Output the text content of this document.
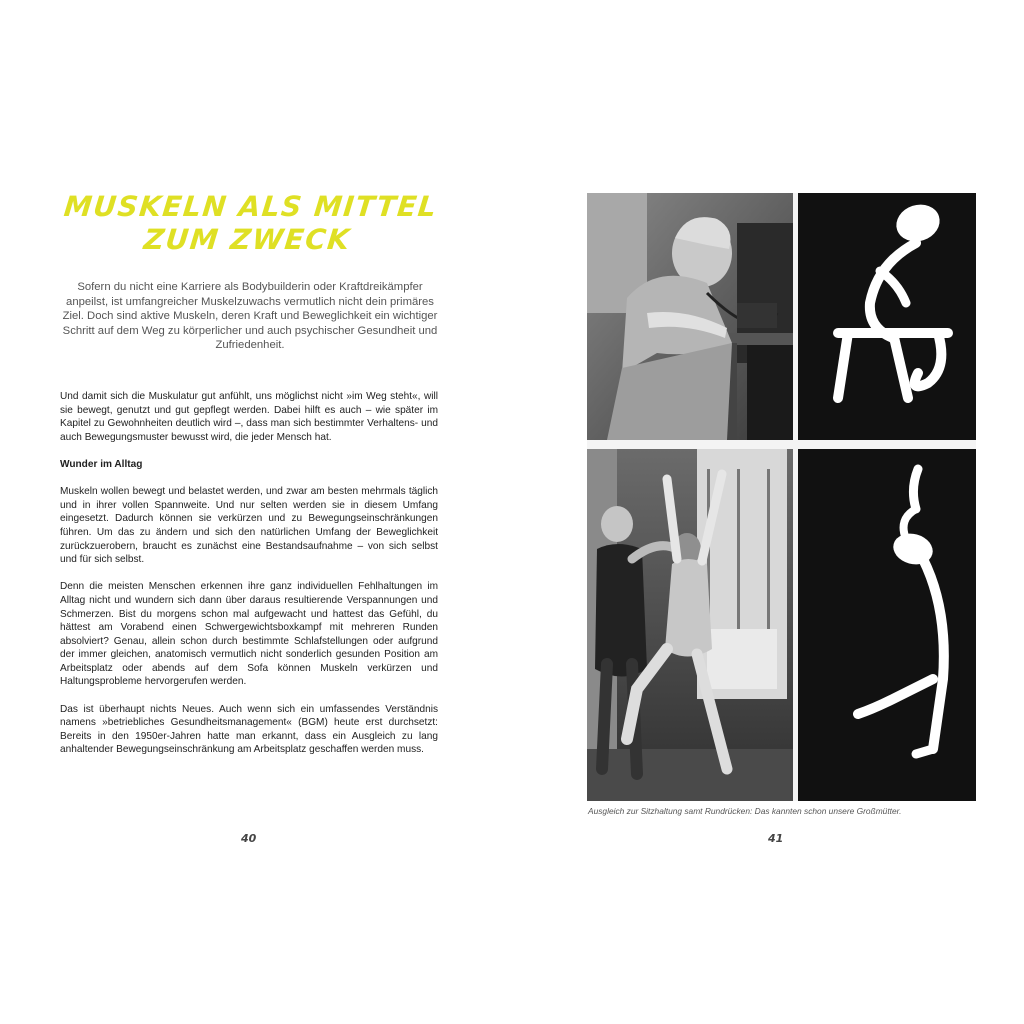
MUSKELN ALS MITTEL
ZUM ZWECK

Sofern du nicht eine Karriere als Bodybuilderin oder Kraftdreikämpfer anpeilst, ist umfangreicher Muskelzuwachs vermutlich nicht dein primäres Ziel. Doch sind aktive Muskeln, deren Kraft und Beweglichkeit ein wichtiger Schritt auf dem Weg zu körperlicher und auch psychischer Gesundheit und Zufriedenheit.

Und damit sich die Muskulatur gut anfühlt, uns möglichst nicht »im Weg steht«, will sie bewegt, genutzt und gut gepflegt werden. Dabei hilft es auch – wie später im Kapitel zu Gewohnheiten deutlich wird –, dass man sich bestimmter Verhaltens- und auch Bewegungsmuster bewusst wird, die jeder Mensch hat.

Wunder im Alltag

Muskeln wollen bewegt und belastet werden, und zwar am besten mehrmals täglich und in ihrer vollen Spannweite. Und nur selten werden sie in diesem Umfang eingesetzt. Dadurch können sie verkürzen und zu Bewegungseinschränkungen führen. Um das zu ändern und sich den natürlichen Umfang der Beweglichkeit zurückzuerobern, braucht es zunächst eine Bestandsaufnahme – von sich selbst und für sich selbst.

Denn die meisten Menschen erkennen ihre ganz individuellen Fehlhaltungen im Alltag nicht und wundern sich dann über daraus resultierende Verspannungen und Schmerzen. Bist du morgens schon mal aufgewacht und hattest das Gefühl, du hättest am Vorabend einen Schwergewichtsboxkampf mit mehreren Runden absolviert? Genau, allein schon durch bestimmte Schlafstellungen oder aufgrund der immer gleichen, anatomisch vermutlich nicht sonderlich gesunden Position am Arbeitsplatz oder abends auf dem Sofa können Muskeln verkürzen und Haltungsprobleme hervorgerufen werden.

Das ist überhaupt nichts Neues. Auch wenn sich ein umfassendes Verständnis namens »betriebliches Gesundheitsmanagement« (BGM) heute erst durchsetzt: Bereits in den 1950er-Jahren hatte man erkannt, dass ein Ausgleich zu lang anhaltender Bewegungseinschränkung am Arbeitsplatz geschaffen werden muss.

40

Ausgleich zur Sitzhaltung samt Rundrücken: Das kannten schon unsere Großmütter.

41
